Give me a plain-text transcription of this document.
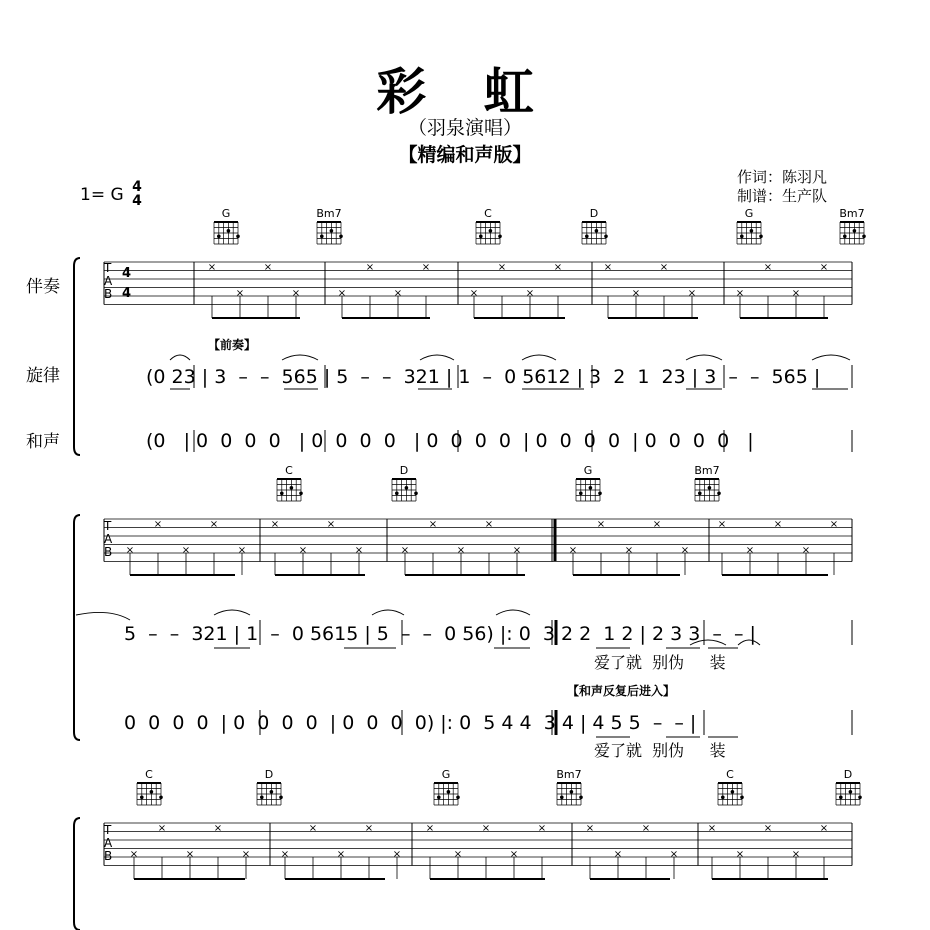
彩 虹
（羽泉演唱）
【精编和声版】
1= G 4
4
作词：陈羽凡
制谱：生产队
伴奏
旋律
和声
T
A
B
T
A
B
T
A
B
4
4
【前奏】
【和声反复后进入】
G	Bm7	C	D	G	Bm7
C	D	G	Bm7
C	D	G	Bm7	C	D
(0 23 | 3  –  –  565 | 5  –  –  321 | 1  –  0 5612 | 3  2  1  23 | 3  –  –  565 |
(0   | 0  0  0  0   | 0  0  0  0   | 0  0  0  0  | 0  0  0  0  | 0  0  0  0   |
5  –  –  321 | 1  –  0 5615 | 5  –  –  0 56) |: 0  3 2 2  1 2 | 2 3 3  –  – |
爱了就  别伪     装
0  0  0  0  | 0  0  0  0  | 0  0  0  0) |: 0  5 4 4  3 4 | 4 5 5  –  – |
爱了就  别伪     装
×
×
×
×	×
×
×
×
×
×
×
×	×
×
×
×	×
×
×
×
×
×
×
×
×
×
×
×
×	×
×
×
×
×	×
×
×
×
×
×
×
×
×
×
×
×
×
×
×	×
×
×
×
×
×
×
×
×
×	×
×
×
×
×
×
×
×
×
